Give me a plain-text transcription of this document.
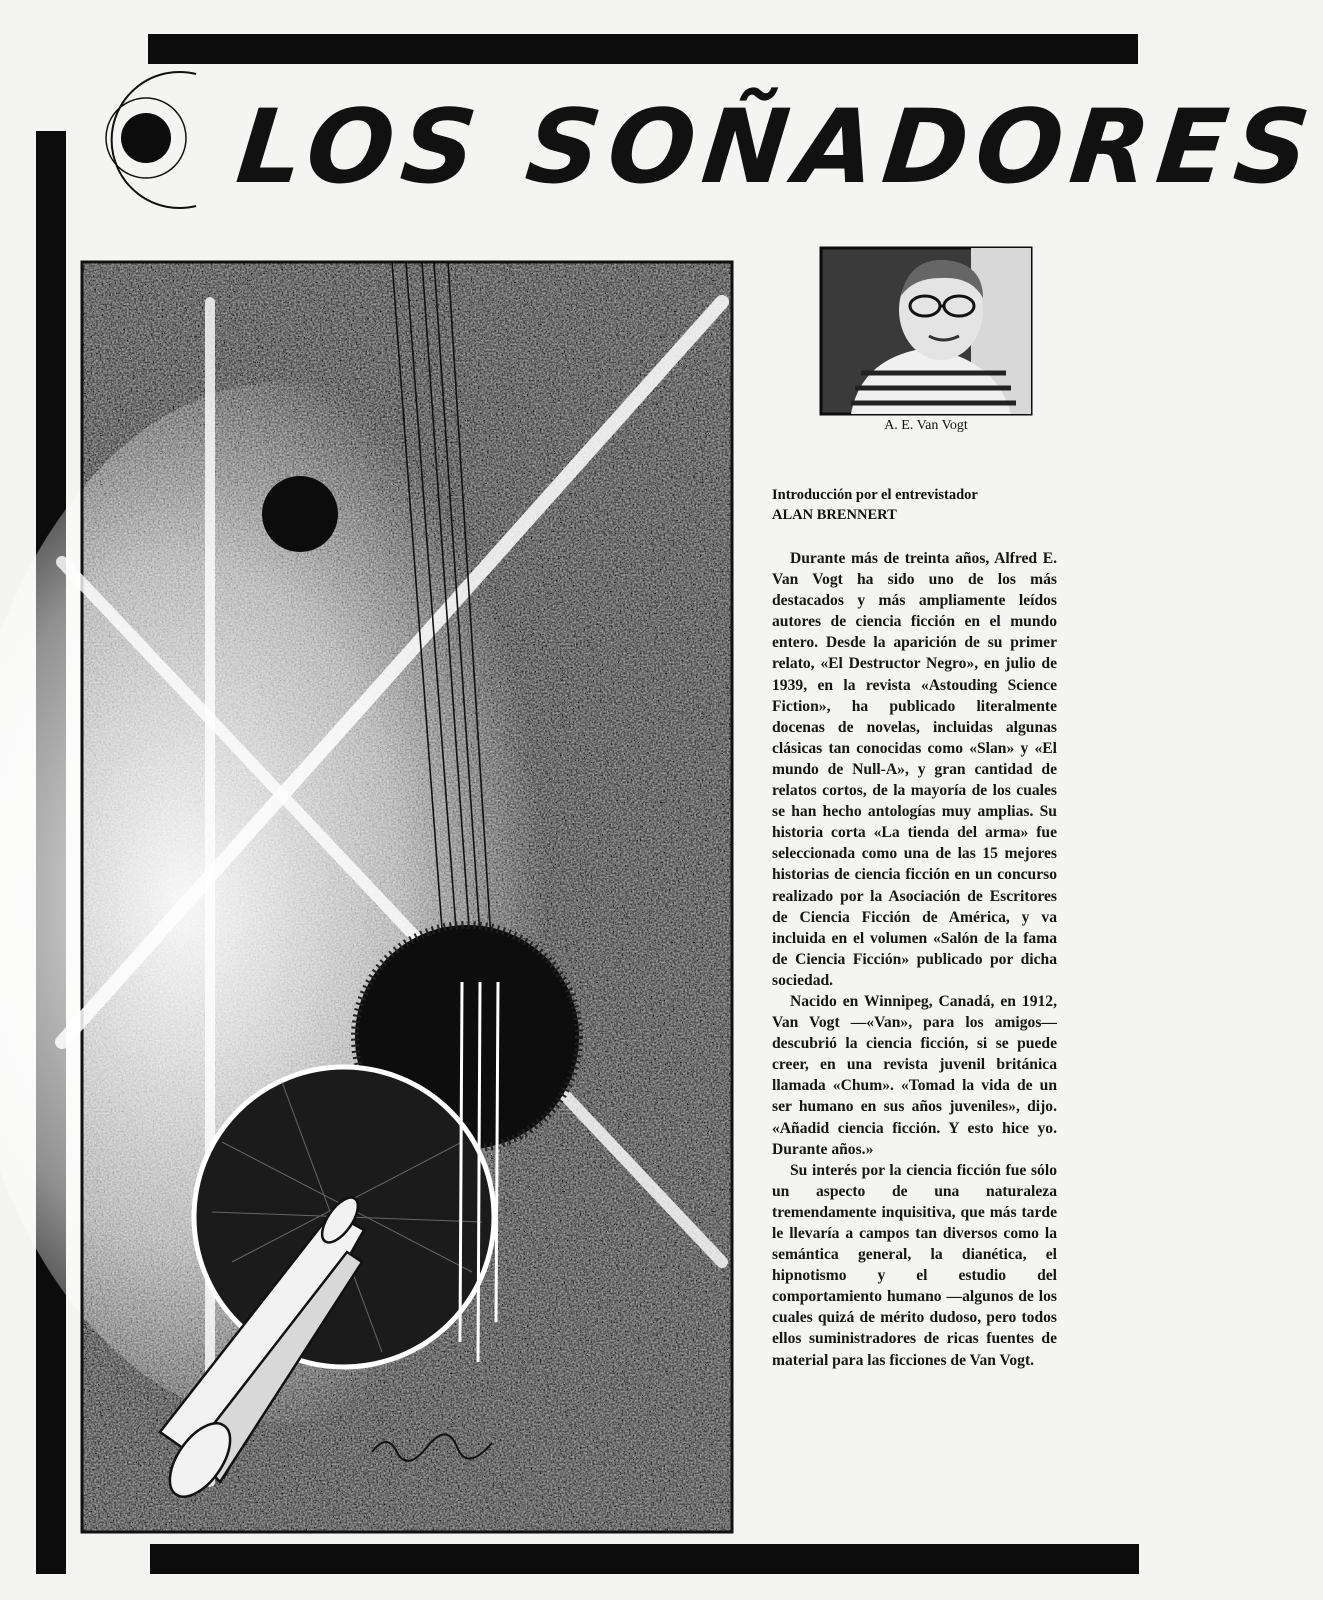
LOS SOÑADORES
A. E. Van Vogt
Introducción por el entrevistador
ALAN BRENNERT

Durante más de treinta años, Alfred E. Van Vogt ha sido uno de los más destacados y más ampliamente leídos autores de ciencia ficción en el mundo entero. Desde la aparición de su primer relato, «El Destructor Negro», en julio de 1939, en la revista «Astouding Science Fiction», ha publicado literalmente docenas de novelas, incluidas algunas clásicas tan conocidas como «Slan» y «El mundo de Null-A», y gran cantidad de relatos cortos, de la mayoría de los cuales se han hecho antologías muy amplias. Su historia corta «La tienda del arma» fue seleccionada como una de las 15 mejores historias de ciencia ficción en un concurso realizado por la Asociación de Escritores de Ciencia Ficción de América, y va incluida en el volumen «Salón de la fama de Ciencia Ficción» publicado por dicha sociedad.

Nacido en Winnipeg, Canadá, en 1912, Van Vogt —«Van», para los amigos— descubrió la ciencia ficción, si se puede creer, en una revista juvenil británica llamada «Chum». «Tomad la vida de un ser humano en sus años juveniles», dijo. «Añadid ciencia ficción. Y esto hice yo. Durante años.»

Su interés por la ciencia ficción fue sólo un aspecto de una naturaleza tremendamente inquisitiva, que más tarde le llevaría a campos tan diversos como la semántica general, la dianética, el hipnotismo y el estudio del comportamiento humano —algunos de los cuales quizá de mérito dudoso, pero todos ellos suministradores de ricas fuentes de material para las ficciones de Van Vogt.
